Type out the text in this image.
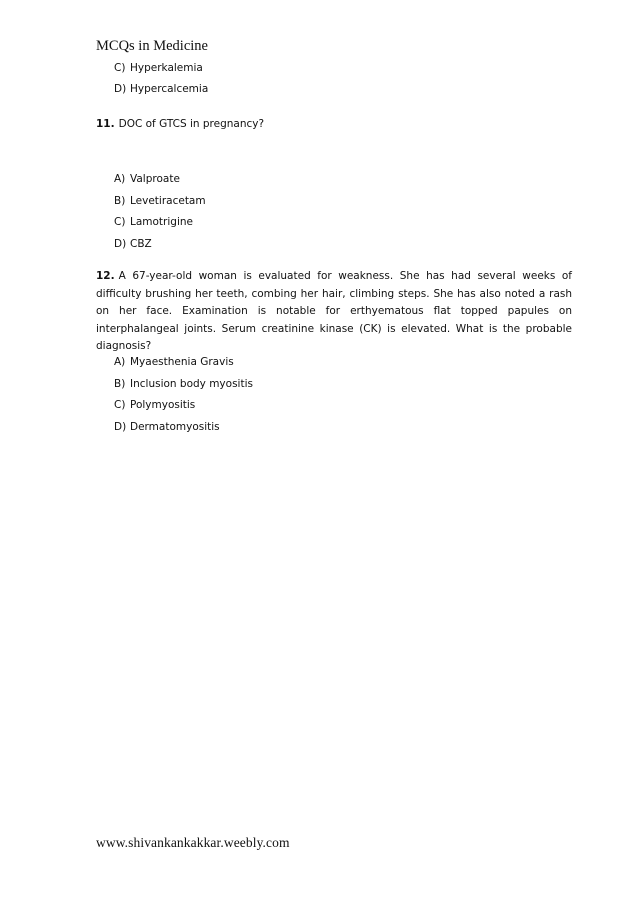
MCQs in Medicine
C) Hyperkalemia
D) Hypercalcemia
11. DOC of GTCS in pregnancy?
A) Valproate
B) Levetiracetam
C) Lamotrigine
D) CBZ
12. A 67-year-old woman is evaluated for weakness. She has had several weeks of difficulty brushing her teeth, combing her hair, climbing steps. She has also noted a rash on her face. Examination is notable for erthyematous flat topped papules on interphalangeal joints. Serum creatinine kinase (CK) is elevated. What is the probable diagnosis?
A) Myaesthenia Gravis
B) Inclusion body myositis
C) Polymyositis
D) Dermatomyositis
www.shivankankakkar.weebly.com
